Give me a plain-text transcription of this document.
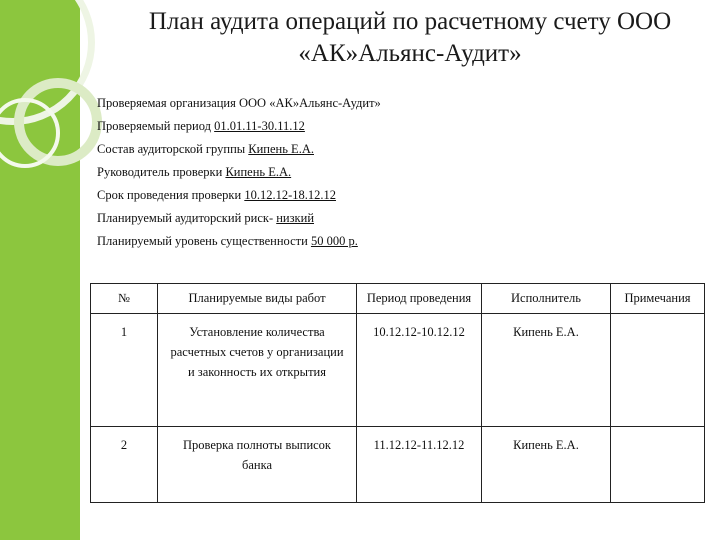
План аудита операций по расчетному счету ООО
«АК»Альянс-Аудит»
Проверяемая организация ООО «АК»Альянс-Аудит»
Проверяемый период 01.01.11-30.11.12
Состав аудиторской группы Кипень Е.А.
Руководитель проверки Кипень Е.А.
Срок проведения проверки 10.12.12-18.12.12
Планируемый аудиторский риск- низкий
Планируемый уровень существенности 50 000 р.
№	Планируемые виды работ	Период проведения	Исполнитель	Примечания
1	Установление количества
расчетных счетов у организации
и законность их открытия	10.12.12-10.12.12	Кипень Е.А.	
2	Проверка полноты выписок
банка	11.12.12-11.12.12	Кипень Е.А.	
